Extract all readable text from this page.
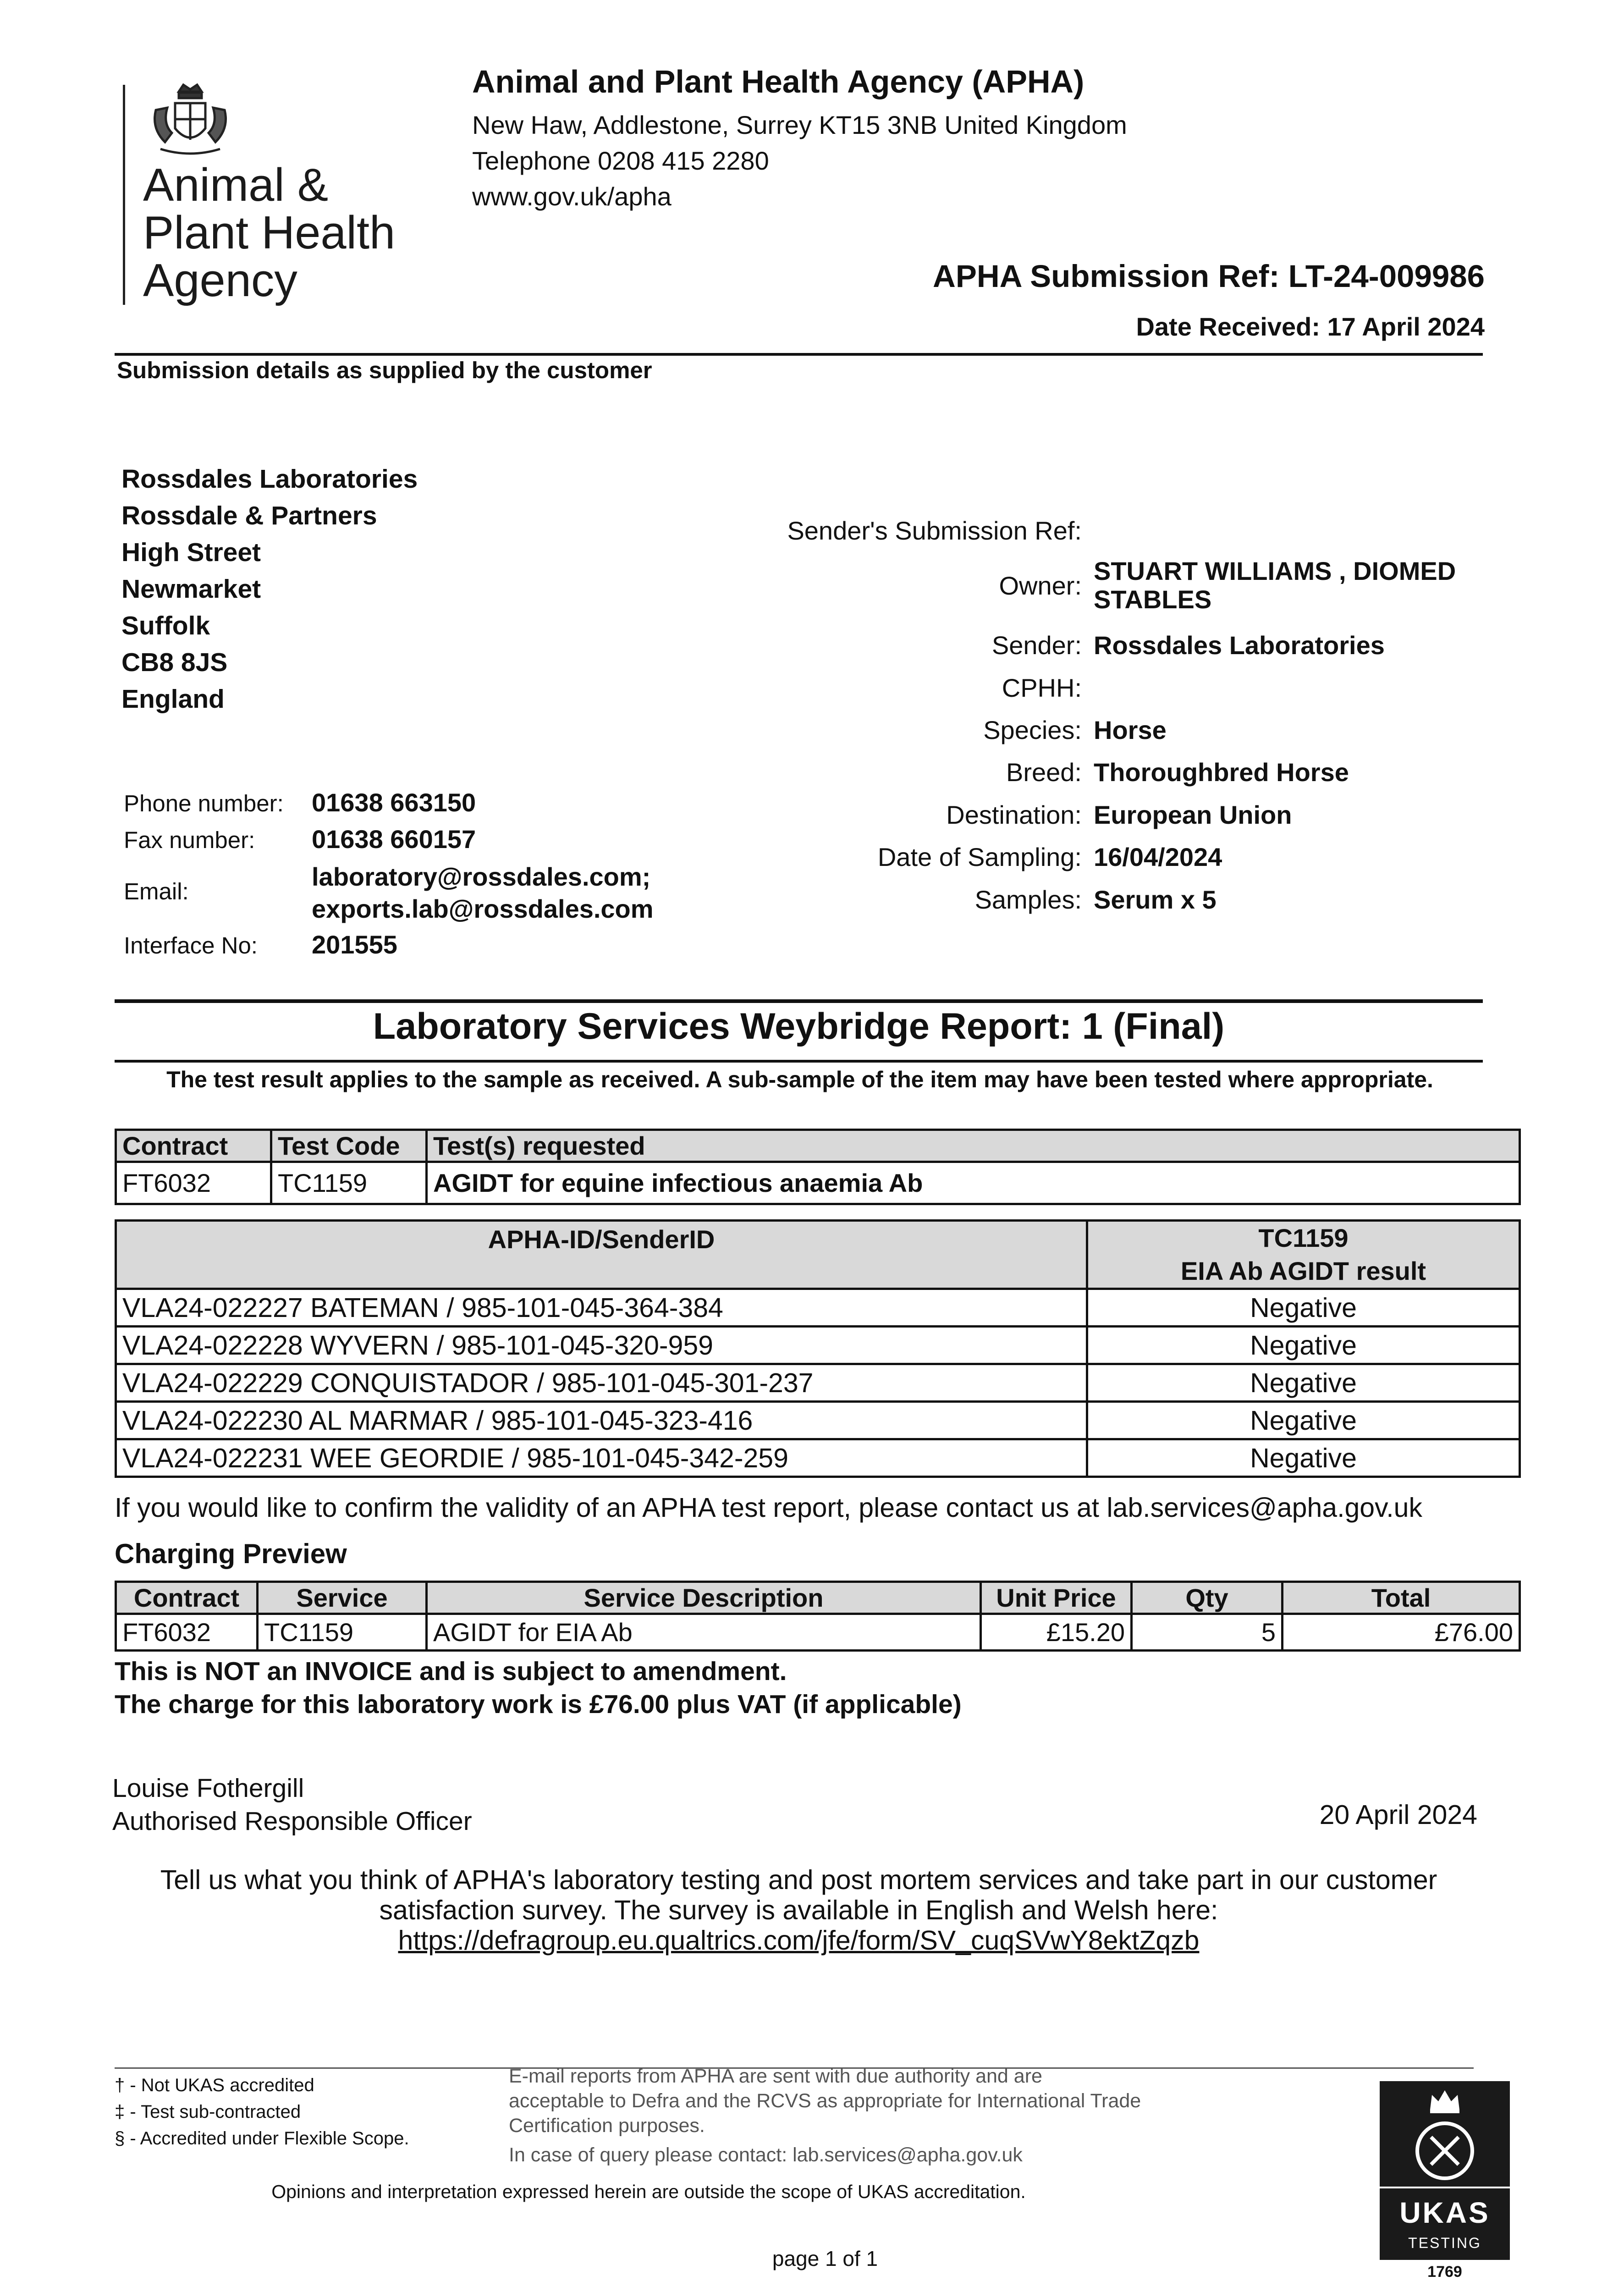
Animal &
Plant Health
Agency
Animal and Plant Health Agency (APHA)
New Haw, Addlestone, Surrey KT15 3NB United Kingdom
Telephone 0208 415 2280
www.gov.uk/apha
APHA Submission Ref: LT-24-009986
Date Received: 17 April 2024
Submission details as supplied by the customer
Rossdales Laboratories
Rossdale & Partners
High Street
Newmarket
Suffolk
CB8 8JS
England
Sender's Submission Ref:
Owner:
STUART WILLIAMS , DIOMED
STABLES
Sender: Rossdales Laboratories
CPHH:
Species: Horse
Breed: Thoroughbred Horse
Destination: European Union
Date of Sampling: 16/04/2024
Samples: Serum x 5
Phone number: 01638 663150
Fax number: 01638 660157
Email:
laboratory@rossdales.com;
exports.lab@rossdales.com
Interface No: 201555
Laboratory Services Weybridge Report: 1 (Final)
The test result applies to the sample as received. A sub-sample of the item may have been tested where appropriate.
Contract	Test Code	Test(s) requested
FT6032	TC1159	AGIDT for equine infectious anaemia Ab
APHA-ID/SenderID	TC1159
EIA Ab AGIDT result

VLA24-022227 BATEMAN / 985-101-045-364-384	Negative
VLA24-022228 WYVERN / 985-101-045-320-959	Negative
VLA24-022229 CONQUISTADOR / 985-101-045-301-237	Negative
VLA24-022230 AL MARMAR / 985-101-045-323-416	Negative
VLA24-022231 WEE GEORDIE / 985-101-045-342-259	Negative
If you would like to confirm the validity of an APHA test report, please contact us at lab.services@apha.gov.uk
Charging Preview
Contract	Service	Service Description	Unit Price	Qty	Total
FT6032	TC1159	AGIDT for EIA Ab	£15.20	5	£76.00
This is NOT an INVOICE and is subject to amendment.
The charge for this laboratory work is £76.00 plus VAT (if applicable)
Louise Fothergill
Authorised Responsible Officer	20 April 2024
Tell us what you think of APHA's laboratory testing and post mortem services and take part in our customer
satisfaction survey. The survey is available in English and Welsh here:
https://defragroup.eu.qualtrics.com/jfe/form/SV_cuqSVwY8ektZqzb
† - Not UKAS accredited
‡ - Test sub-contracted
§ - Accredited under Flexible Scope.
E-mail reports from APHA are sent with due authority and are
acceptable to Defra and the RCVS as appropriate for International Trade
Certification purposes.
In case of query please contact: lab.services@apha.gov.uk
Opinions and interpretation expressed herein are outside the scope of UKAS accreditation.
page 1 of 1
UKAS
TESTING
1769
